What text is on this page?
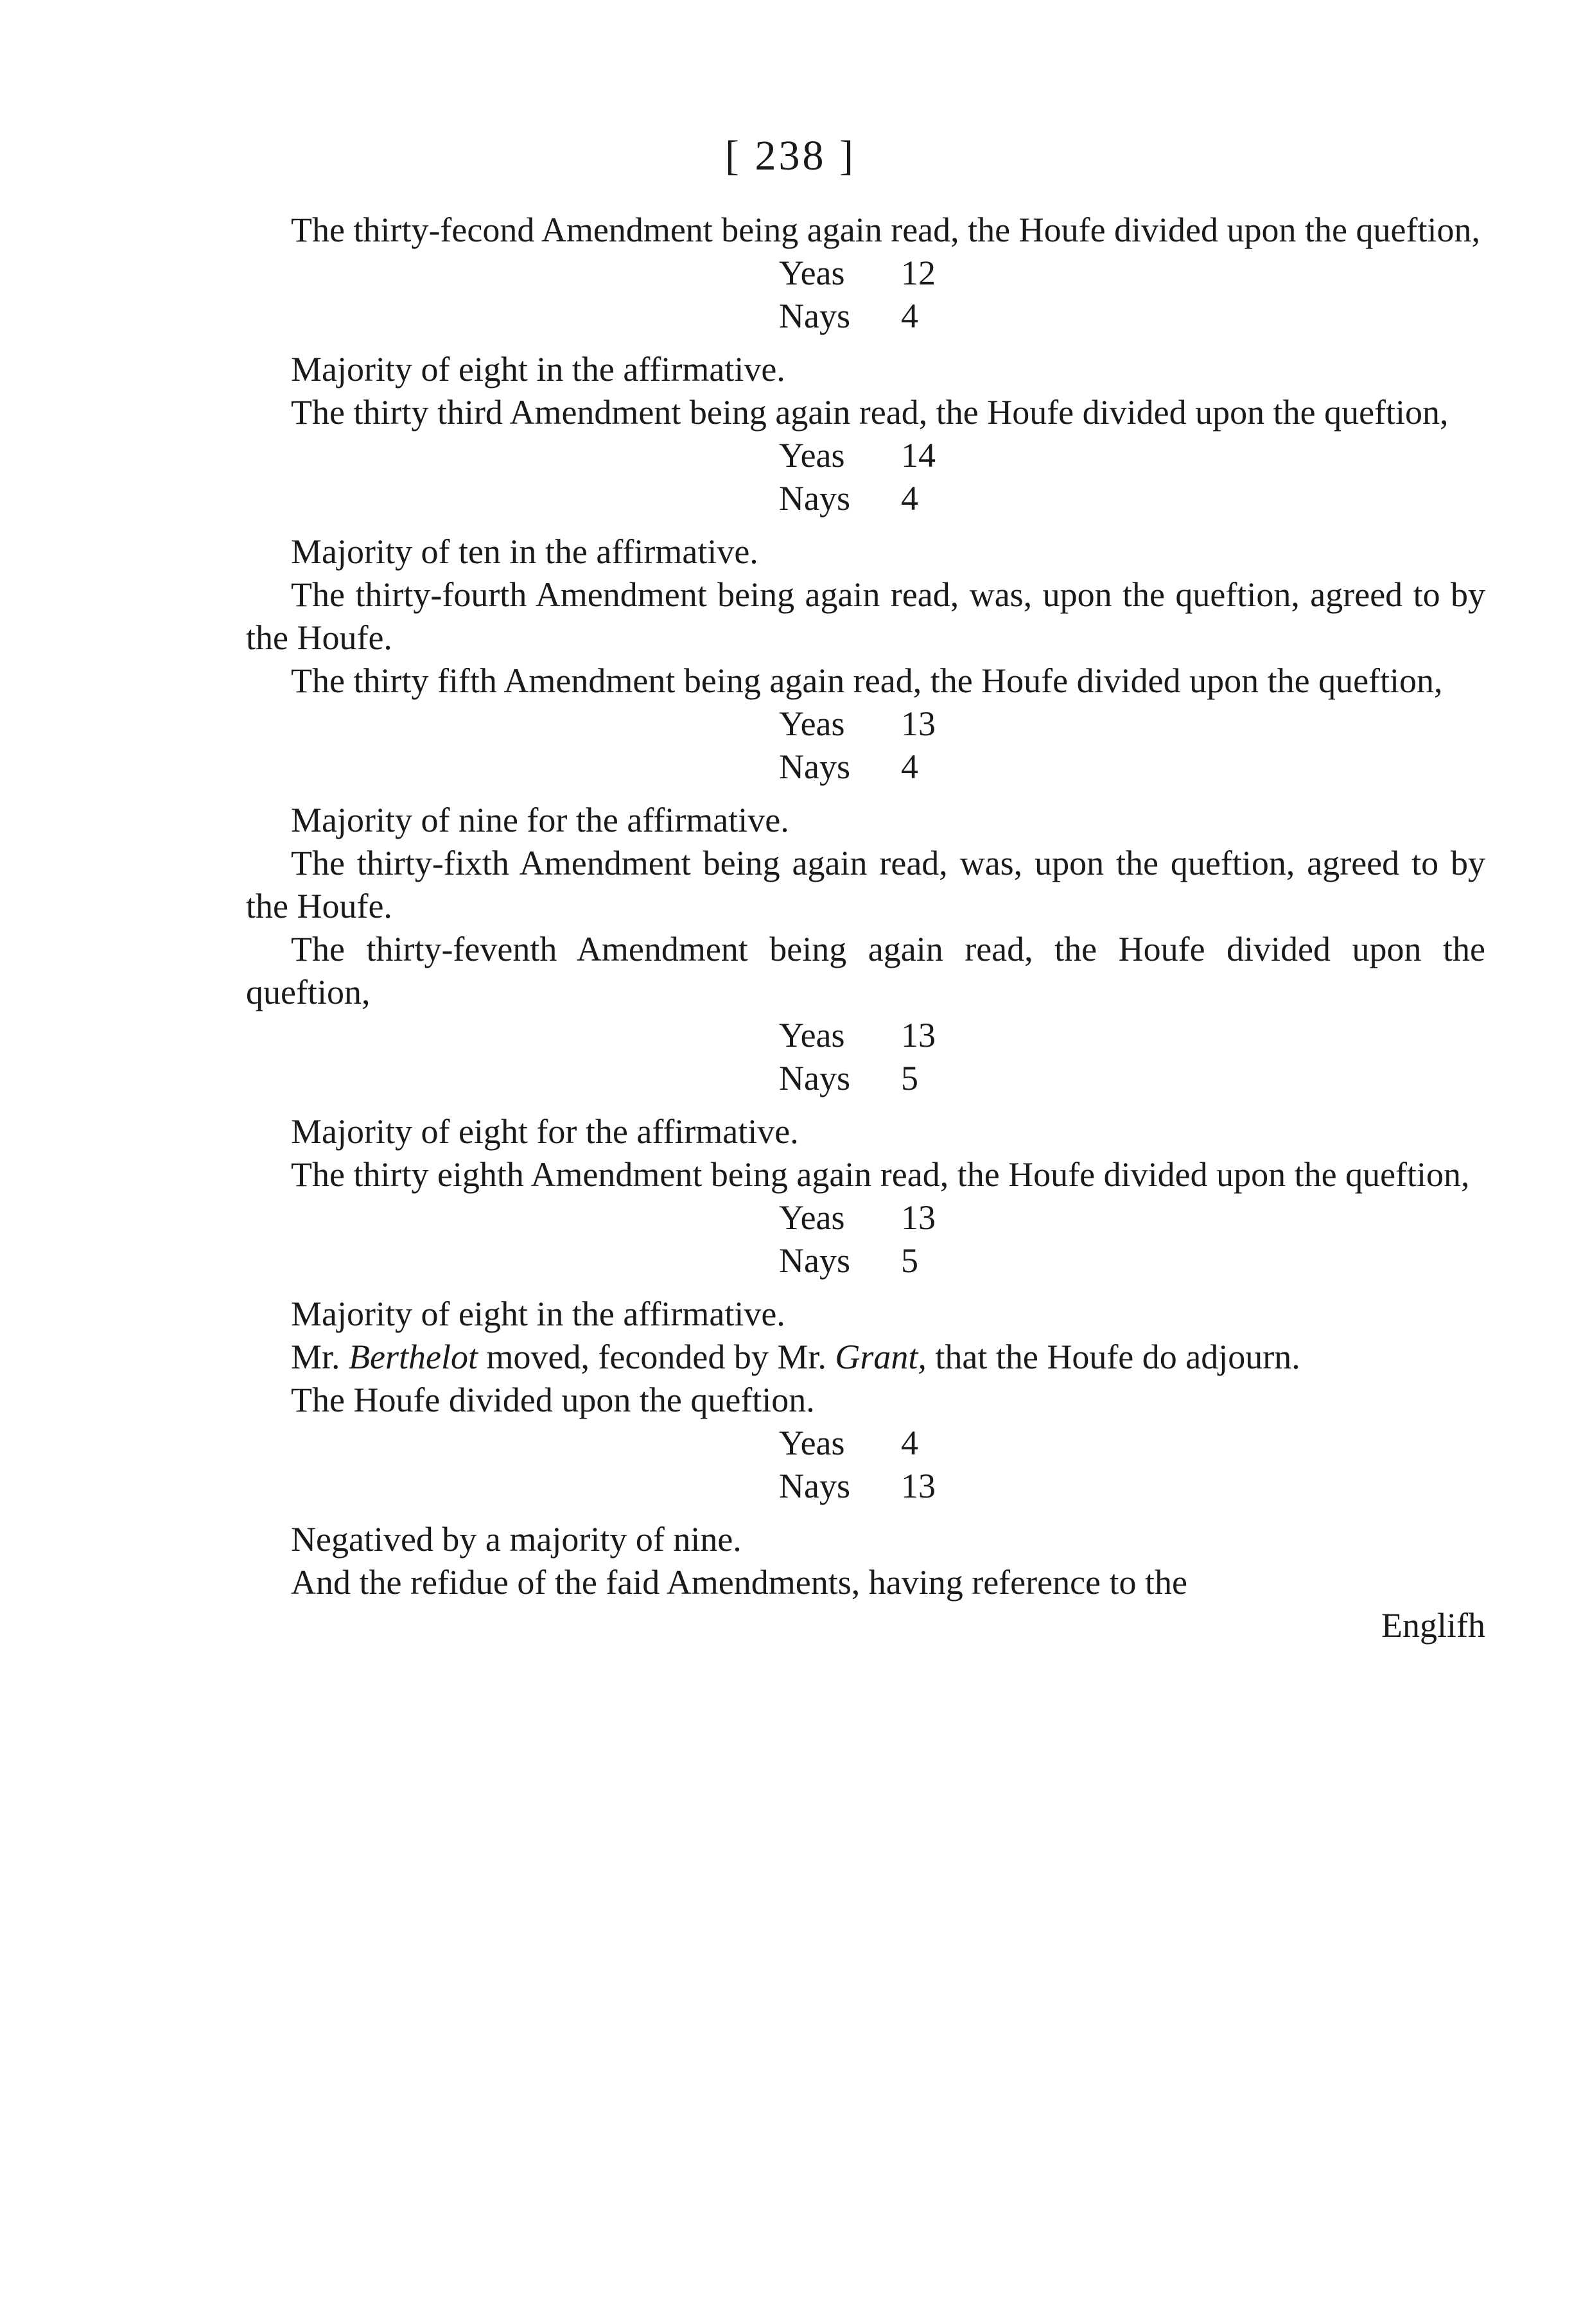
[ 238 ]

The thirty-fecond Amendment being again read, the Houfe divided upon the queftion,

Yeas 12
Nays 4

Majority of eight in the affirmative.

The thirty third Amendment being again read, the Houfe divided upon the queftion,

Yeas 14
Nays 4

Majority of ten in the affirmative.

The thirty-fourth Amendment being again read, was, upon the queftion, agreed to by the Houfe.

The thirty fifth Amendment being again read, the Houfe divided upon the queftion,

Yeas 13
Nays 4

Majority of nine for the affirmative.

The thirty-fixth Amendment being again read, was, upon the queftion, agreed to by the Houfe.

The thirty-feventh Amendment being again read, the Houfe divided upon the queftion,

Yeas 13
Nays 5

Majority of eight for the affirmative.

The thirty eighth Amendment being again read, the Houfe divided upon the queftion,

Yeas 13
Nays 5

Majority of eight in the affirmative.

Mr. Berthelot moved, feconded by Mr. Grant, that the Houfe do adjourn.

The Houfe divided upon the queftion.

Yeas 4
Nays 13

Negatived by a majority of nine.

And the refidue of the faid Amendments, having reference to the

Englifh
